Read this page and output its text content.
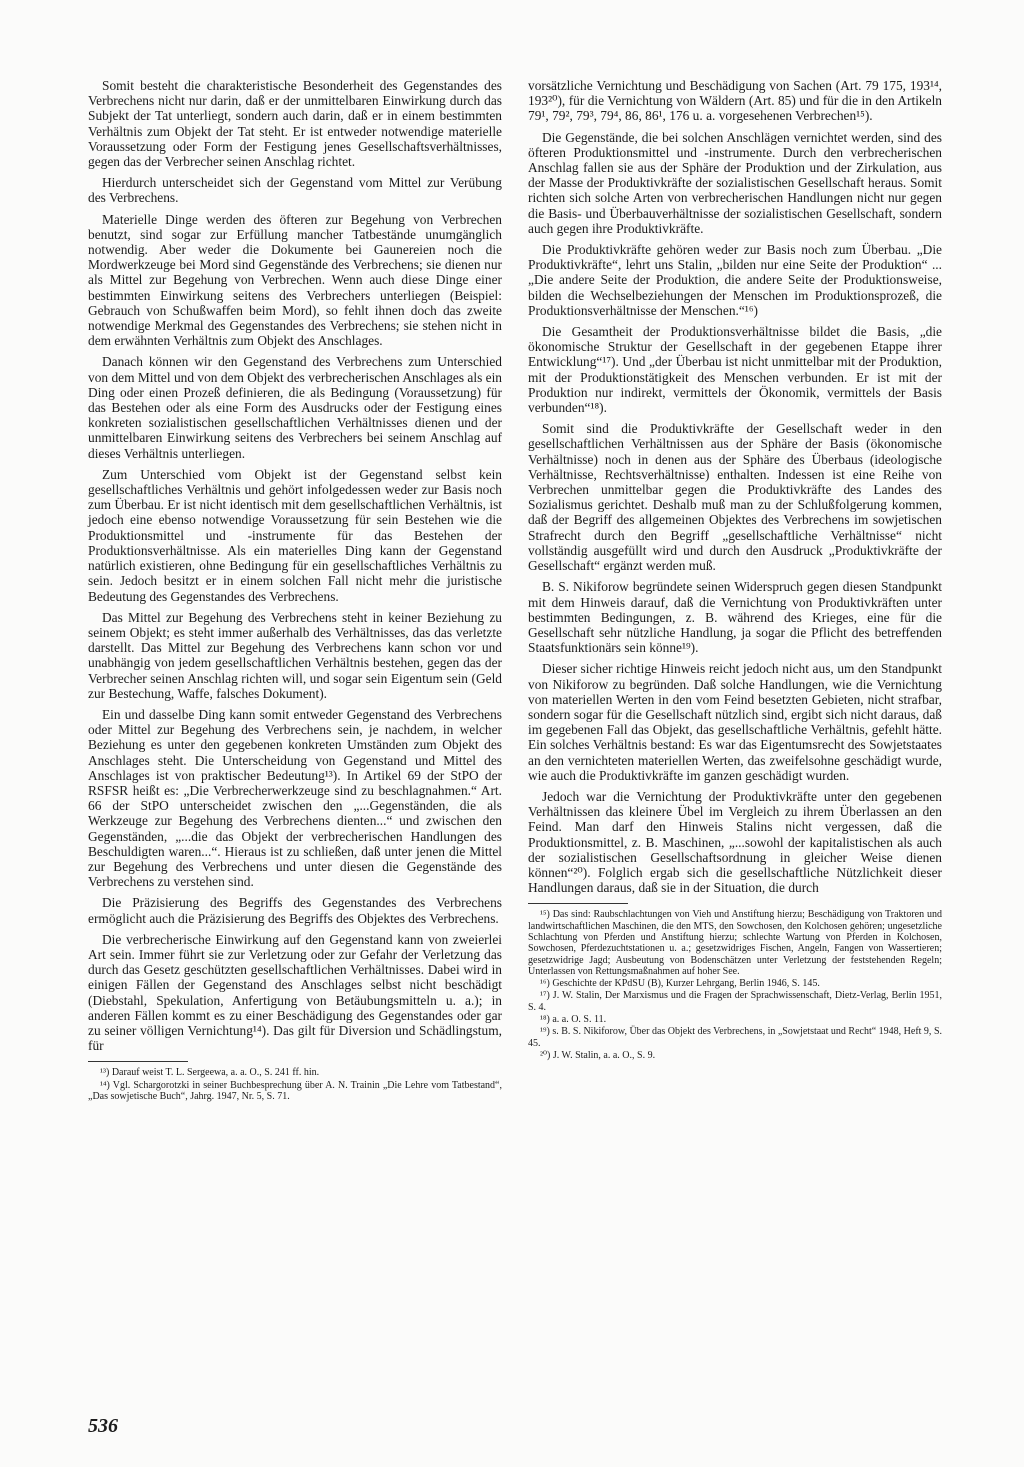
Somit besteht die charakteristische Besonderheit des Gegenstandes des Verbrechens nicht nur darin, daß er der unmittelbaren Einwirkung durch das Subjekt der Tat unterliegt, sondern auch darin, daß er in einem bestimmten Verhältnis zum Objekt der Tat steht. Er ist entweder notwendige materielle Voraussetzung oder Form der Festigung jenes Gesellschaftsverhältnisses, gegen das der Verbrecher seinen Anschlag richtet.

Hierdurch unterscheidet sich der Gegenstand vom Mittel zur Verübung des Verbrechens.

Materielle Dinge werden des öfteren zur Begehung von Verbrechen benutzt, sind sogar zur Erfüllung mancher Tatbestände unumgänglich notwendig. Aber weder die Dokumente bei Gaunereien noch die Mordwerkzeuge bei Mord sind Gegenstände des Verbrechens; sie dienen nur als Mittel zur Begehung von Verbrechen. Wenn auch diese Dinge einer bestimmten Einwirkung seitens des Verbrechers unterliegen (Beispiel: Gebrauch von Schußwaffen beim Mord), so fehlt ihnen doch das zweite notwendige Merkmal des Gegenstandes des Verbrechens; sie stehen nicht in dem erwähnten Verhältnis zum Objekt des Anschlages.

Danach können wir den Gegenstand des Verbrechens zum Unterschied von dem Mittel und von dem Objekt des verbrecherischen Anschlages als ein Ding oder einen Prozeß definieren, die als Bedingung (Voraussetzung) für das Bestehen oder als eine Form des Ausdrucks oder der Festigung eines konkreten sozialistischen gesellschaftlichen Verhältnisses dienen und der unmittelbaren Einwirkung seitens des Verbrechers bei seinem Anschlag auf dieses Verhältnis unterliegen.

Zum Unterschied vom Objekt ist der Gegenstand selbst kein gesellschaftliches Verhältnis und gehört infolgedessen weder zur Basis noch zum Überbau. Er ist nicht identisch mit dem gesellschaftlichen Verhältnis, ist jedoch eine ebenso notwendige Voraussetzung für sein Bestehen wie die Produktionsmittel und -instrumente für das Bestehen der Produktionsverhältnisse. Als ein materielles Ding kann der Gegenstand natürlich existieren, ohne Bedingung für ein gesellschaftliches Verhältnis zu sein. Jedoch besitzt er in einem solchen Fall nicht mehr die juristische Bedeutung des Gegenstandes des Verbrechens.

Das Mittel zur Begehung des Verbrechens steht in keiner Beziehung zu seinem Objekt; es steht immer außerhalb des Verhältnisses, das das verletzte darstellt. Das Mittel zur Begehung des Verbrechens kann schon vor und unabhängig von jedem gesellschaftlichen Verhältnis bestehen, gegen das der Verbrecher seinen Anschlag richten will, und sogar sein Eigentum sein (Geld zur Bestechung, Waffe, falsches Dokument).

Ein und dasselbe Ding kann somit entweder Gegenstand des Verbrechens oder Mittel zur Begehung des Verbrechens sein, je nachdem, in welcher Beziehung es unter den gegebenen konkreten Umständen zum Objekt des Anschlages steht. Die Unterscheidung von Gegenstand und Mittel des Anschlages ist von praktischer Bedeutung¹³). In Artikel 69 der StPO der RSFSR heißt es: „Die Verbrecherwerkzeuge sind zu beschlagnahmen.“ Art. 66 der StPO unterscheidet zwischen den „...Gegenständen, die als Werkzeuge zur Begehung des Verbrechens dienten...“ und zwischen den Gegenständen, „...die das Objekt der verbrecherischen Handlungen des Beschuldigten waren...“. Hieraus ist zu schließen, daß unter jenen die Mittel zur Begehung des Verbrechens und unter diesen die Gegenstände des Verbrechens zu verstehen sind.

Die Präzisierung des Begriffs des Gegenstandes des Verbrechens ermöglicht auch die Präzisierung des Begriffs des Objektes des Verbrechens.

Die verbrecherische Einwirkung auf den Gegenstand kann von zweierlei Art sein. Immer führt sie zur Verletzung oder zur Gefahr der Verletzung das durch das Gesetz geschützten gesellschaftlichen Verhältnisses. Dabei wird in einigen Fällen der Gegenstand des Anschlages selbst nicht beschädigt (Diebstahl, Spekulation, Anfertigung von Betäubungsmitteln u. a.); in anderen Fällen kommt es zu einer Beschädigung des Gegenstandes oder gar zu seiner völligen Vernichtung¹⁴). Das gilt für Diversion und Schädlingstum, für

¹³) Darauf weist T. L. Sergeewa, a. a. O., S. 241 ff. hin.

¹⁴) Vgl. Schargorotzki in seiner Buchbesprechung über A. N. Trainin „Die Lehre vom Tatbestand“, „Das sowjetische Buch“, Jahrg. 1947, Nr. 5, S. 71.

vorsätzliche Vernichtung und Beschädigung von Sachen (Art. 79 175, 193¹⁴, 193²⁰), für die Vernichtung von Wäldern (Art. 85) und für die in den Artikeln 79¹, 79², 79³, 79⁴, 86, 86¹, 176 u. a. vorgesehenen Verbrechen¹⁵).

Die Gegenstände, die bei solchen Anschlägen vernichtet werden, sind des öfteren Produktionsmittel und -instrumente. Durch den verbrecherischen Anschlag fallen sie aus der Sphäre der Produktion und der Zirkulation, aus der Masse der Produktivkräfte der sozialistischen Gesellschaft heraus. Somit richten sich solche Arten von verbrecherischen Handlungen nicht nur gegen die Basis- und Überbauverhältnisse der sozialistischen Gesellschaft, sondern auch gegen ihre Produktivkräfte.

Die Produktivkräfte gehören weder zur Basis noch zum Überbau. „Die Produktivkräfte“, lehrt uns Stalin, „bilden nur eine Seite der Produktion“ ... „Die andere Seite der Produktion, die andere Seite der Produktionsweise, bilden die Wechselbeziehungen der Menschen im Produktionsprozeß, die Produktionsverhältnisse der Menschen.“¹⁶)

Die Gesamtheit der Produktionsverhältnisse bildet die Basis, „die ökonomische Struktur der Gesellschaft in der gegebenen Etappe ihrer Entwicklung“¹⁷). Und „der Überbau ist nicht unmittelbar mit der Produktion, mit der Produktionstätigkeit des Menschen verbunden. Er ist mit der Produktion nur indirekt, vermittels der Ökonomik, vermittels der Basis verbunden“¹⁸).

Somit sind die Produktivkräfte der Gesellschaft weder in den gesellschaftlichen Verhältnissen aus der Sphäre der Basis (ökonomische Verhältnisse) noch in denen aus der Sphäre des Überbaus (ideologische Verhältnisse, Rechtsverhältnisse) enthalten. Indessen ist eine Reihe von Verbrechen unmittelbar gegen die Produktivkräfte des Landes des Sozialismus gerichtet. Deshalb muß man zu der Schlußfolgerung kommen, daß der Begriff des allgemeinen Objektes des Verbrechens im sowjetischen Strafrecht durch den Begriff „gesellschaftliche Verhältnisse“ nicht vollständig ausgefüllt wird und durch den Ausdruck „Produktivkräfte der Gesellschaft“ ergänzt werden muß.

B. S. Nikiforow begründete seinen Widerspruch gegen diesen Standpunkt mit dem Hinweis darauf, daß die Vernichtung von Produktivkräften unter bestimmten Bedingungen, z. B. während des Krieges, eine für die Gesellschaft sehr nützliche Handlung, ja sogar die Pflicht des betreffenden Staatsfunktionärs sein könne¹⁹).

Dieser sicher richtige Hinweis reicht jedoch nicht aus, um den Standpunkt von Nikiforow zu begründen. Daß solche Handlungen, wie die Vernichtung von materiellen Werten in den vom Feind besetzten Gebieten, nicht strafbar, sondern sogar für die Gesellschaft nützlich sind, ergibt sich nicht daraus, daß im gegebenen Fall das Objekt, das gesellschaftliche Verhältnis, gefehlt hätte. Ein solches Verhältnis bestand: Es war das Eigentumsrecht des Sowjetstaates an den vernichteten materiellen Werten, das zweifelsohne geschädigt wurde, wie auch die Produktivkräfte im ganzen geschädigt wurden.

Jedoch war die Vernichtung der Produktivkräfte unter den gegebenen Verhältnissen das kleinere Übel im Vergleich zu ihrem Überlassen an den Feind. Man darf den Hinweis Stalins nicht vergessen, daß die Produktionsmittel, z. B. Maschinen, „...sowohl der kapitalistischen als auch der sozialistischen Gesellschaftsordnung in gleicher Weise dienen können“²⁰). Folglich ergab sich die gesellschaftliche Nützlichkeit dieser Handlungen daraus, daß sie in der Situation, die durch

¹⁵) Das sind: Raubschlachtungen von Vieh und Anstiftung hierzu; Beschädigung von Traktoren und landwirtschaftlichen Maschinen, die den MTS, den Sowchosen, den Kolchosen gehören; ungesetzliche Schlachtung von Pferden und Anstiftung hierzu; schlechte Wartung von Pferden in Kolchosen, Sowchosen, Pferdezuchtstationen u. a.; gesetzwidriges Fischen, Angeln, Fangen von Wassertieren; gesetzwidrige Jagd; Ausbeutung von Bodenschätzen unter Verletzung der feststehenden Regeln; Unterlassen von Rettungsmaßnahmen auf hoher See.

¹⁶) Geschichte der KPdSU (B), Kurzer Lehrgang, Berlin 1946, S. 145.

¹⁷) J. W. Stalin, Der Marxismus und die Fragen der Sprachwissenschaft, Dietz-Verlag, Berlin 1951, S. 4.

¹⁸) a. a. O. S. 11.

¹⁹) s. B. S. Nikiforow, Über das Objekt des Verbrechens, in „Sowjetstaat und Recht“ 1948, Heft 9, S. 45.

²⁰) J. W. Stalin, a. a. O., S. 9.

536
